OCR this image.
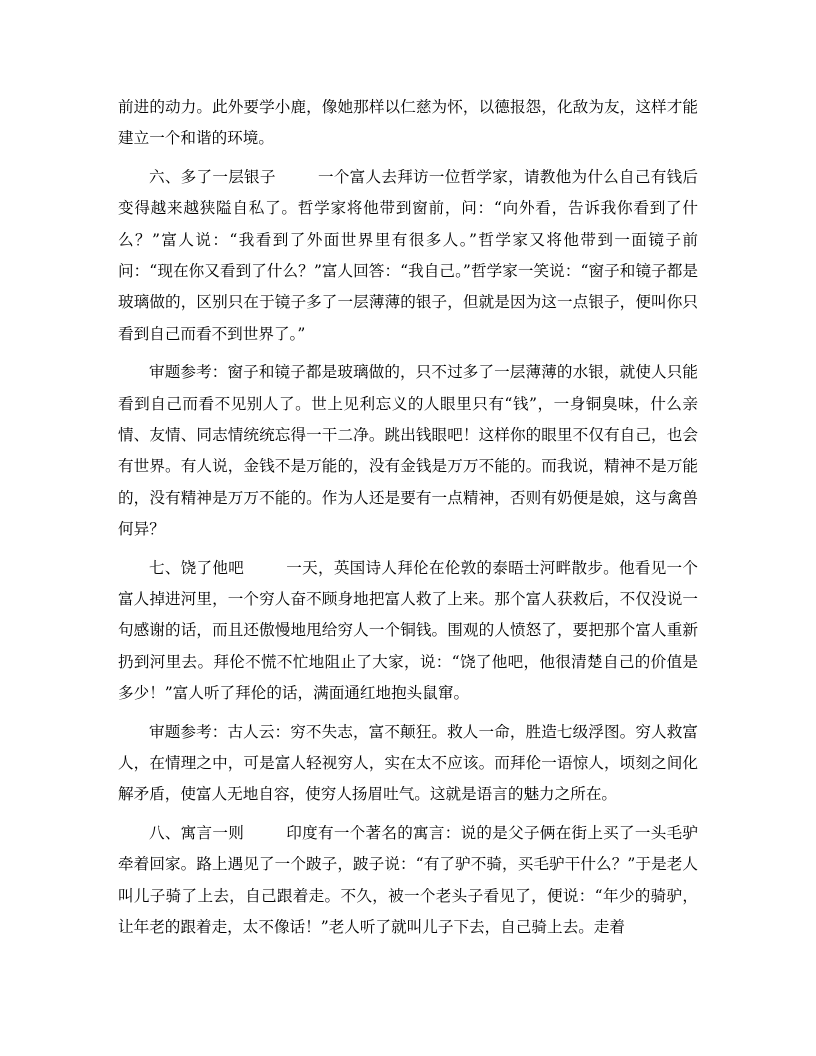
前进的动力。此外要学小鹿，像她那样以仁慈为怀，以德报怨，化敌为友，这样才能建立一个和谐的环境。

六、多了一层银子	一个富人去拜访一位哲学家，请教他为什么自己有钱后变得越来越狭隘自私了。哲学家将他带到窗前，问：“向外看，告诉我你看到了什么？”富人说：“我看到了外面世界里有很多人。”哲学家又将他带到一面镜子前问：“现在你又看到了什么？”富人回答：“我自己。”哲学家一笑说：“窗子和镜子都是玻璃做的，区别只在于镜子多了一层薄薄的银子，但就是因为这一点银子，便叫你只看到自己而看不到世界了。”

审题参考：窗子和镜子都是玻璃做的，只不过多了一层薄薄的水银，就使人只能看到自己而看不见别人了。世上见利忘义的人眼里只有“钱”，一身铜臭味，什么亲情、友情、同志情统统忘得一干二净。跳出钱眼吧！这样你的眼里不仅有自己，也会有世界。有人说，金钱不是万能的，没有金钱是万万不能的。而我说，精神不是万能的，没有精神是万万不能的。作为人还是要有一点精神，否则有奶便是娘，这与禽兽何异？

七、饶了他吧	一天，英国诗人拜伦在伦敦的泰晤士河畔散步。他看见一个富人掉进河里，一个穷人奋不顾身地把富人救了上来。那个富人获救后，不仅没说一句感谢的话，而且还傲慢地甩给穷人一个铜钱。围观的人愤怒了，要把那个富人重新扔到河里去。拜伦不慌不忙地阻止了大家，说：“饶了他吧，他很清楚自己的价值是多少！”富人听了拜伦的话，满面通红地抱头鼠窜。

审题参考：古人云：穷不失志，富不颠狂。救人一命，胜造七级浮图。穷人救富人，在情理之中，可是富人轻视穷人，实在太不应该。而拜伦一语惊人，顷刻之间化解矛盾，使富人无地自容，使穷人扬眉吐气。这就是语言的魅力之所在。

八、寓言一则	印度有一个著名的寓言：说的是父子俩在街上买了一头毛驴牵着回家。路上遇见了一个跛子，跛子说：“有了驴不骑，买毛驴干什么？”于是老人叫儿子骑了上去，自己跟着走。不久，被一个老头子看见了，便说：“年少的骑驴，让年老的跟着走，太不像话！”老人听了就叫儿子下去，自己骑上去。走着
